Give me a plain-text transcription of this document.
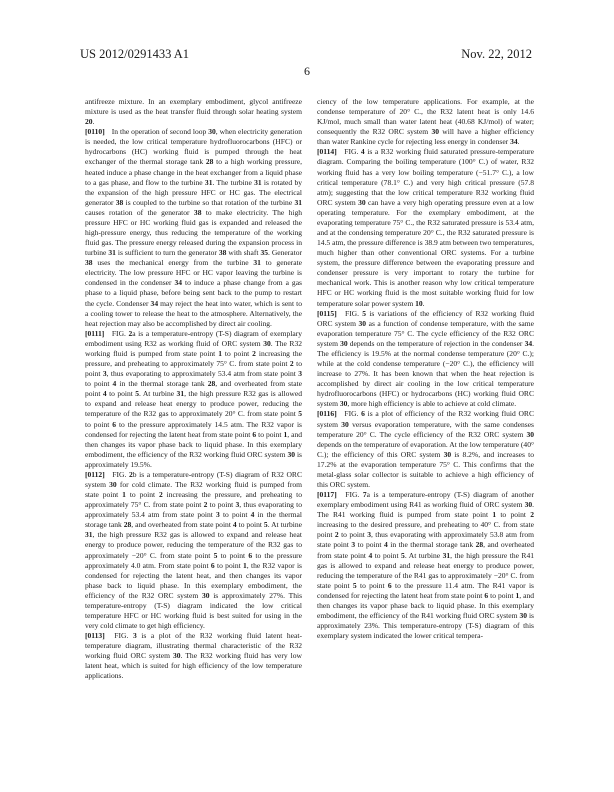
US 2012/0291433 A1	Nov. 22, 2012
6

antifreeze mixture. In an exemplary embodiment, glycol antifreeze mixture is used as the heat transfer fluid through solar heating system 20.

[0110] In the operation of second loop 30, when electricity generation is needed, the low critical temperature hydrofluorocarbons (HFC) or hydrocarbons (HC) working fluid is pumped through the heat exchanger of the thermal storage tank 28 to a high working pressure, heated induce a phase change in the heat exchanger from a liquid phase to a gas phase, and flow to the turbine 31. The turbine 31 is rotated by the expansion of the high pressure HFC or HC gas. The electrical generator 38 is coupled to the turbine so that rotation of the turbine 31 causes rotation of the generator 38 to make electricity. The high pressure HFC or HC working fluid gas is expanded and released the high-pressure energy, thus reducing the temperature of the working fluid gas. The pressure energy released during the expansion process in turbine 31 is sufficient to turn the generator 38 with shaft 35. Generator 38 uses the mechanical energy from the turbine 31 to generate electricity. The low pressure HFC or HC vapor leaving the turbine is condensed in the condenser 34 to induce a phase change from a gas phase to a liquid phase, before being sent back to the pump to restart the cycle. Condenser 34 may reject the heat into water, which is sent to a cooling tower to release the heat to the atmosphere. Alternatively, the heat rejection may also be accomplished by direct air cooling.

[0111] FIG. 2a is a temperature-entropy (T-S) diagram of exemplary embodiment using R32 as working fluid of ORC system 30. The R32 working fluid is pumped from state point 1 to point 2 increasing the pressure, and preheating to approximately 75° C. from state point 2 to point 3, thus evaporating to approximately 53.4 atm from state point 3 to point 4 in the thermal storage tank 28, and overheated from state point 4 to point 5. At turbine 31, the high pressure R32 gas is allowed to expand and release heat energy to produce power, reducing the temperature of the R32 gas to approximately 20° C. from state point 5 to point 6 to the pressure approximately 14.5 atm. The R32 vapor is condensed for rejecting the latent heat from state point 6 to point 1, and then changes its vapor phase back to liquid phase. In this exemplary embodiment, the efficiency of the R32 working fluid ORC system 30 is approximately 19.5%.

[0112] FIG. 2b is a temperature-entropy (T-S) diagram of R32 ORC system 30 for cold climate. The R32 working fluid is pumped from state point 1 to point 2 increasing the pressure, and preheating to approximately 75° C. from state point 2 to point 3, thus evaporating to approximately 53.4 atm from state point 3 to point 4 in the thermal storage tank 28, and overheated from state point 4 to point 5. At turbine 31, the high pressure R32 gas is allowed to expand and release heat energy to produce power, reducing the temperature of the R32 gas to approximately −20° C. from state point 5 to point 6 to the pressure approximately 4.0 atm. From state point 6 to point 1, the R32 vapor is condensed for rejecting the latent heat, and then changes its vapor phase back to liquid phase. In this exemplary embodiment, the efficiency of the R32 ORC system 30 is approximately 27%. This temperature-entropy (T-S) diagram indicated the low critical temperature HFC or HC working fluid is best suited for using in the very cold climate to get high efficiency.

[0113] FIG. 3 is a plot of the R32 working fluid latent heat-temperature diagram, illustrating thermal characteristic of the R32 working fluid ORC system 30. The R32 working fluid has very low latent heat, which is suited for high efficiency of the low temperature applications.

ciency of the low temperature applications. For example, at the condense temperature of 20° C., the R32 latent heat is only 14.6 KJ/mol, much small than water latent heat (40.68 KJ/mol) of water; consequently the R32 ORC system 30 will have a higher efficiency than water Rankine cycle for rejecting less energy in condenser 34.

[0114] FIG. 4 is a R32 working fluid saturated pressure-temperature diagram. Comparing the boiling temperature (100° C.) of water, R32 working fluid has a very low boiling temperature (−51.7° C.), a low critical temperature (78.1° C.) and very high critical pressure (57.8 atm); suggesting that the low critical temperature R32 working fluid ORC system 30 can have a very high operating pressure even at a low operating temperature. For the exemplary embodiment, at the evaporating temperature 75° C., the R32 saturated pressure is 53.4 atm, and at the condensing temperature 20° C., the R32 saturated pressure is 14.5 atm, the pressure difference is 38.9 atm between two temperatures, much higher than other conventional ORC systems. For a turbine system, the pressure difference between the evaporating pressure and condenser pressure is very important to rotary the turbine for mechanical work. This is another reason why low critical temperature HFC or HC working fluid is the most suitable working fluid for low temperature solar power system 10.

[0115] FIG. 5 is variations of the efficiency of R32 working fluid ORC system 30 as a function of condense temperature, with the same evaporation temperature 75° C. The cycle efficiency of the R32 ORC system 30 depends on the temperature of rejection in the condenser 34. The efficiency is 19.5% at the normal condense temperature (20° C.); while at the cold condense temperature (−20° C.), the efficiency will increase to 27%. It has been known that when the heat rejection is accomplished by direct air cooling in the low critical temperature hydrofluorocarbons (HFC) or hydrocarbons (HC) working fluid ORC system 30, more high efficiency is able to achieve at cold climate.

[0116] FIG. 6 is a plot of efficiency of the R32 working fluid ORC system 30 versus evaporation temperature, with the same condenses temperature 20° C. The cycle efficiency of the R32 ORC system 30 depends on the temperature of evaporation. At the low temperature (40° C.); the efficiency of this ORC system 30 is 8.2%, and increases to 17.2% at the evaporation temperature 75° C. This confirms that the metal-glass solar collector is suitable to achieve a high efficiency of this ORC system.

[0117] FIG. 7a is a temperature-entropy (T-S) diagram of another exemplary embodiment using R41 as working fluid of ORC system 30. The R41 working fluid is pumped from state point 1 to point 2 increasing to the desired pressure, and preheating to 40° C. from state point 2 to point 3, thus evaporating with approximately 53.8 atm from state point 3 to point 4 in the thermal storage tank 28, and overheated from state point 4 to point 5. At turbine 31, the high pressure the R41 gas is allowed to expand and release heat energy to produce power, reducing the temperature of the R41 gas to approximately −20° C. from state point 5 to point 6 to the pressure 11.4 atm. The R41 vapor is condensed for rejecting the latent heat from state point 6 to point 1, and then changes its vapor phase back to liquid phase. In this exemplary embodiment, the efficiency of the R41 working fluid ORC system 30 is approximately 23%. This temperature-entropy (T-S) diagram of this exemplary system indicated the lower critical tempera-
